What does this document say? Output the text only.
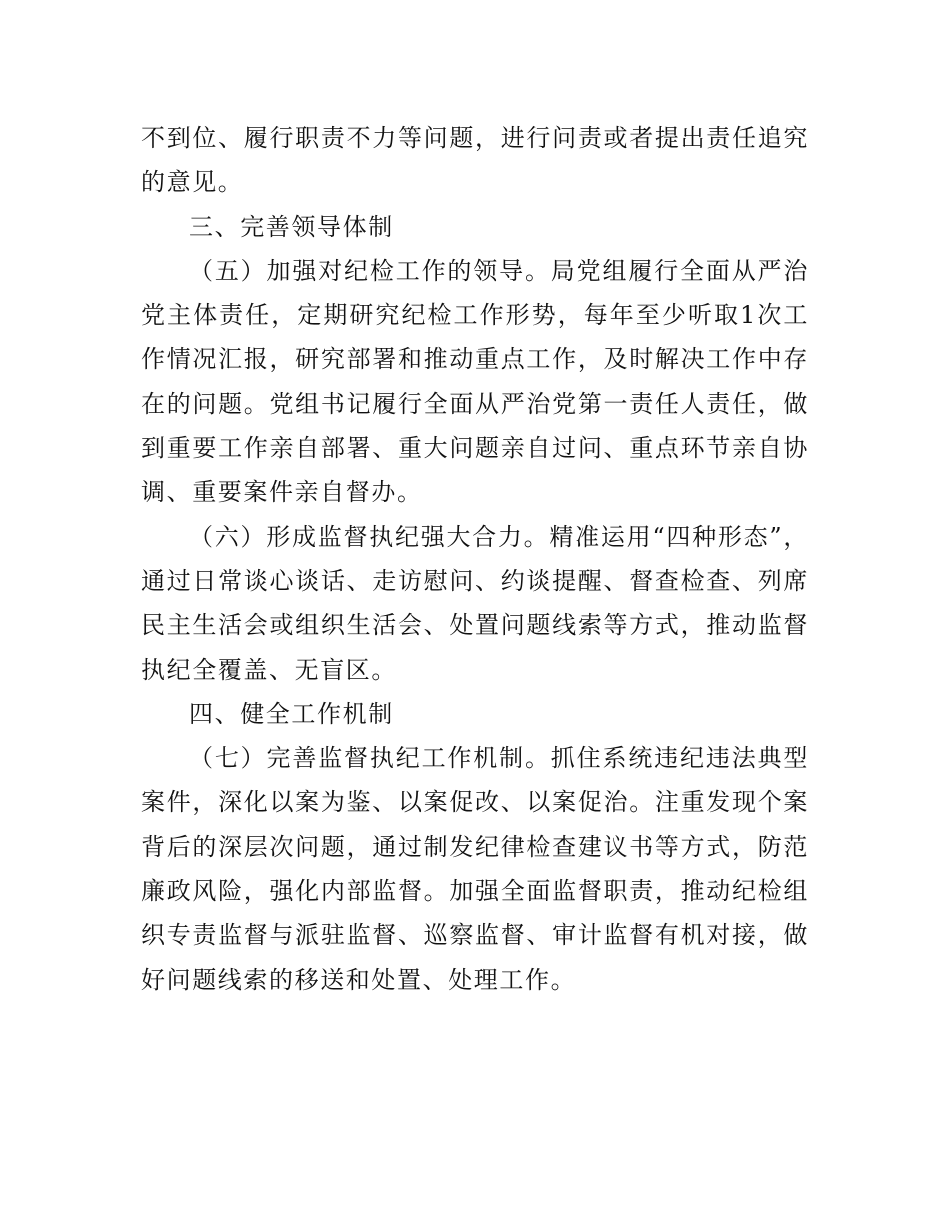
不到位、履行职责不力等问题，进行问责或者提出责任追究的意见。

三、完善领导体制

（五）加强对纪检工作的领导。局党组履行全面从严治党主体责任，定期研究纪检工作形势，每年至少听取1次工作情况汇报，研究部署和推动重点工作，及时解决工作中存在的问题。党组书记履行全面从严治党第一责任人责任，做到重要工作亲自部署、重大问题亲自过问、重点环节亲自协调、重要案件亲自督办。

（六）形成监督执纪强大合力。精准运用“四种形态”，通过日常谈心谈话、走访慰问、约谈提醒、督查检查、列席民主生活会或组织生活会、处置问题线索等方式，推动监督执纪全覆盖、无盲区。

四、健全工作机制

（七）完善监督执纪工作机制。抓住系统违纪违法典型案件，深化以案为鉴、以案促改、以案促治。注重发现个案背后的深层次问题，通过制发纪律检查建议书等方式，防范廉政风险，强化内部监督。加强全面监督职责，推动纪检组织专责监督与派驻监督、巡察监督、审计监督有机对接，做好问题线索的移送和处置、处理工作。
